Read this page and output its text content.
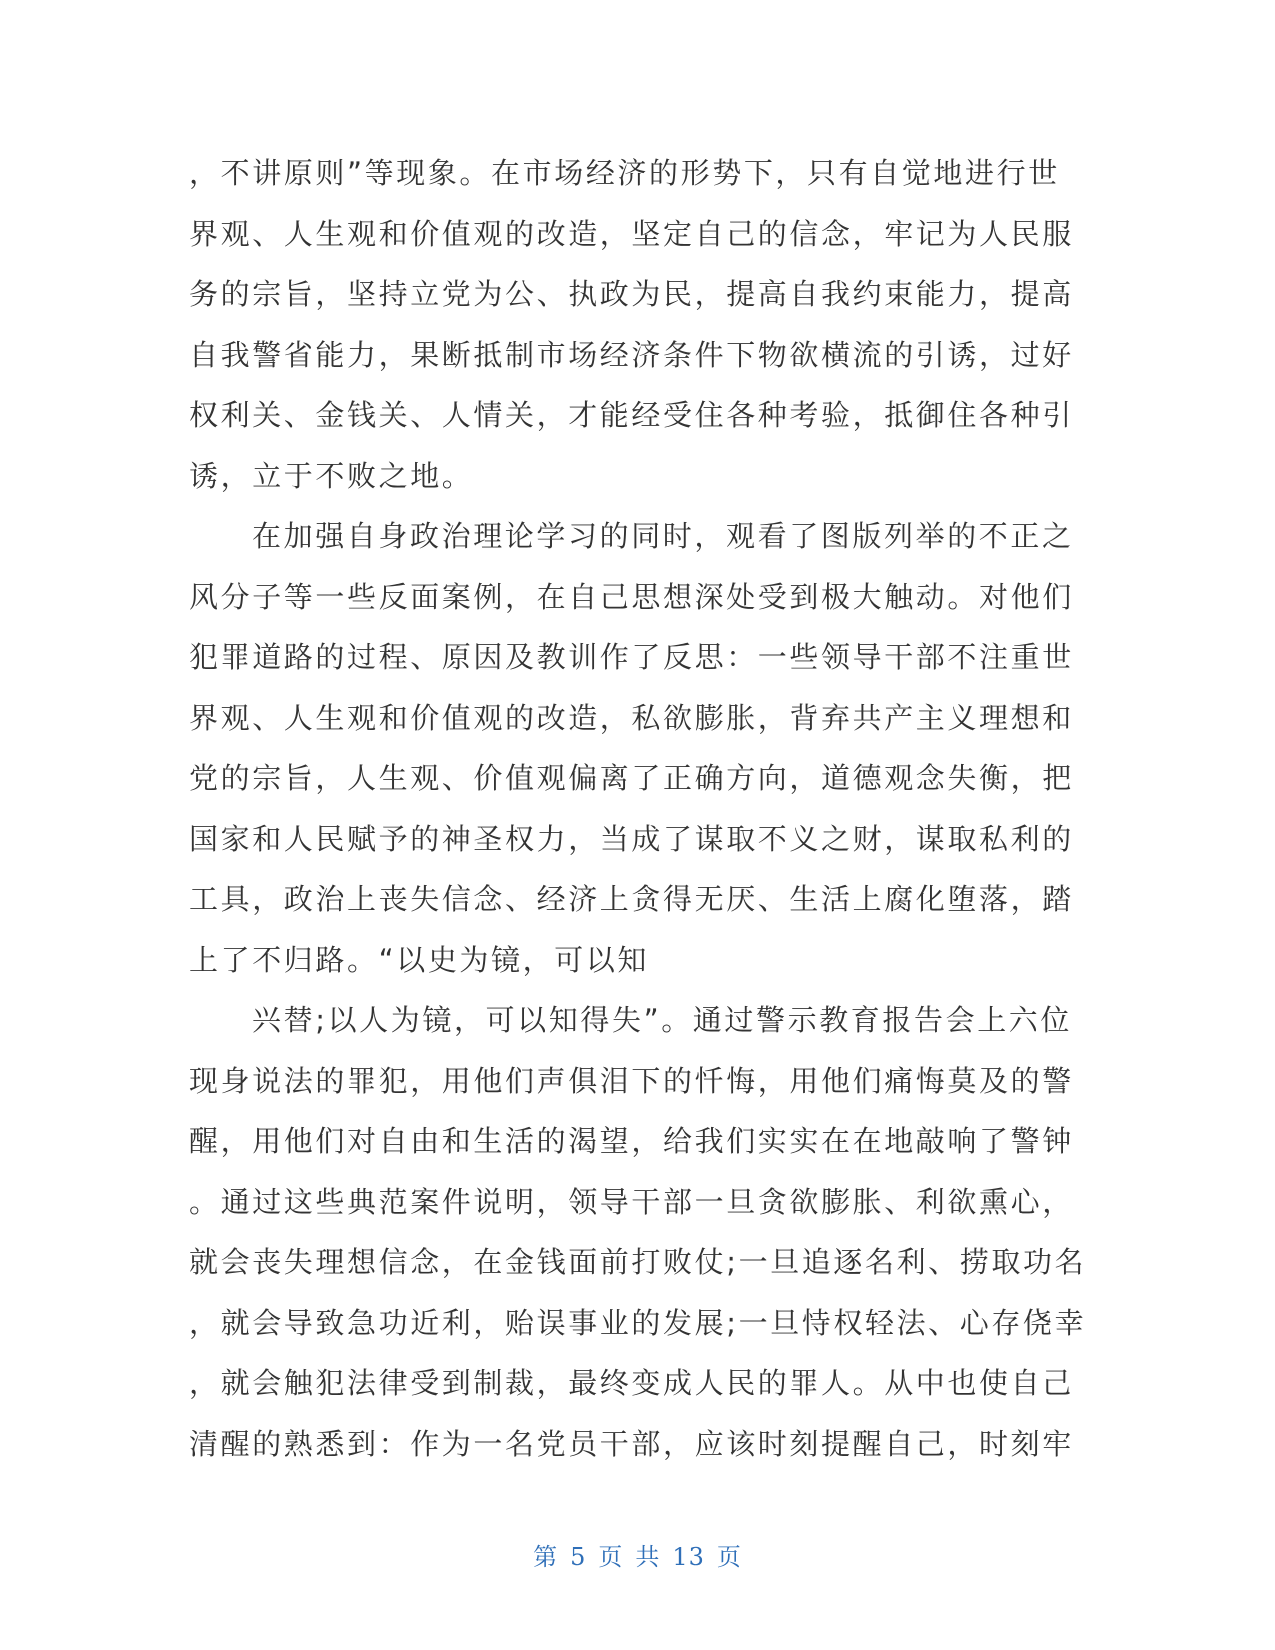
，不讲原则”等现象。在市场经济的形势下，只有自觉地进行世
界观、人生观和价值观的改造，坚定自己的信念，牢记为人民服
务的宗旨，坚持立党为公、执政为民，提高自我约束能力，提高
自我警省能力，果断抵制市场经济条件下物欲横流的引诱，过好
权利关、金钱关、人情关，才能经受住各种考验，抵御住各种引
诱，立于不败之地。
在加强自身政治理论学习的同时，观看了图版列举的不正之
风分子等一些反面案例，在自己思想深处受到极大触动。对他们
犯罪道路的过程、原因及教训作了反思：一些领导干部不注重世
界观、人生观和价值观的改造，私欲膨胀，背弃共产主义理想和
党的宗旨，人生观、价值观偏离了正确方向，道德观念失衡，把
国家和人民赋予的神圣权力，当成了谋取不义之财，谋取私利的
工具，政治上丧失信念、经济上贪得无厌、生活上腐化堕落，踏
上了不归路。“以史为镜，可以知
兴替;以人为镜，可以知得失”。通过警示教育报告会上六位
现身说法的罪犯，用他们声俱泪下的忏悔，用他们痛悔莫及的警
醒，用他们对自由和生活的渴望，给我们实实在在地敲响了警钟
。通过这些典范案件说明，领导干部一旦贪欲膨胀、利欲熏心，
就会丧失理想信念，在金钱面前打败仗;一旦追逐名利、捞取功名
，就会导致急功近利，贻误事业的发展;一旦恃权轻法、心存侥幸
，就会触犯法律受到制裁，最终变成人民的罪人。从中也使自己
清醒的熟悉到：作为一名党员干部，应该时刻提醒自己，时刻牢
第 5 页 共 13 页
